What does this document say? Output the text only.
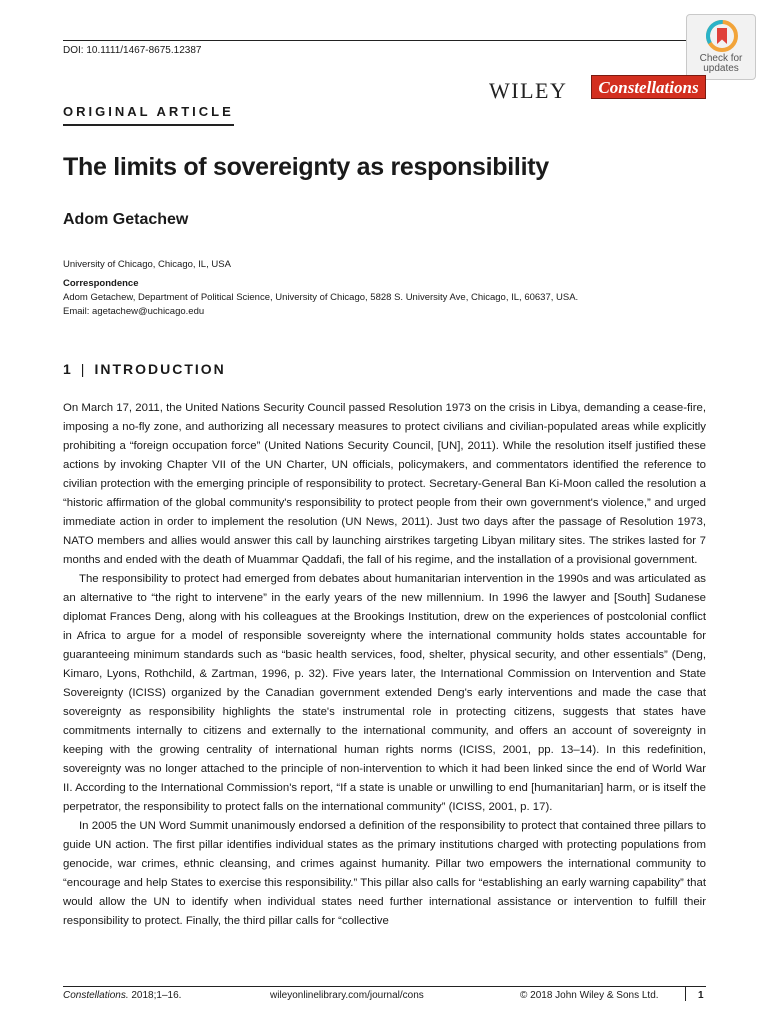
DOI: 10.1111/1467-8675.12387
Check for updates
WILEY	Constellations
ORIGINAL ARTICLE
The limits of sovereignty as responsibility
Adom Getachew
University of Chicago, Chicago, IL, USA
Correspondence
Adom Getachew, Department of Political Science, University of Chicago, 5828 S. University Ave, Chicago, IL, 60637, USA.
Email: agetachew@uchicago.edu
1 | INTRODUCTION

On March 17, 2011, the United Nations Security Council passed Resolution 1973 on the crisis in Libya, demanding a cease-fire, imposing a no-fly zone, and authorizing all necessary measures to protect civilians and civilian-populated areas while explicitly prohibiting a “foreign occupation force” (United Nations Security Council, [UN], 2011). While the resolution itself justified these actions by invoking Chapter VII of the UN Charter, UN officials, policymakers, and commentators identified the reference to civilian protection with the emerging principle of responsibility to protect. Secretary-General Ban Ki-Moon called the resolution a “historic affirmation of the global community's responsibility to protect people from their own government's violence,” and urged immediate action in order to implement the resolution (UN News, 2011). Just two days after the passage of Resolution 1973, NATO members and allies would answer this call by launching airstrikes targeting Libyan military sites. The strikes lasted for 7 months and ended with the death of Muammar Qaddafi, the fall of his regime, and the installation of a provisional government.

The responsibility to protect had emerged from debates about humanitarian intervention in the 1990s and was articulated as an alternative to “the right to intervene” in the early years of the new millennium. In 1996 the lawyer and [South] Sudanese diplomat Frances Deng, along with his colleagues at the Brookings Institution, drew on the experiences of postcolonial conflict in Africa to argue for a model of responsible sovereignty where the international community holds states accountable for guaranteeing minimum standards such as “basic health services, food, shelter, physical security, and other essentials” (Deng, Kimaro, Lyons, Rothchild, & Zartman, 1996, p. 32). Five years later, the International Commission on Intervention and State Sovereignty (ICISS) organized by the Canadian government extended Deng's early interventions and made the case that sovereignty as responsibility highlights the state's instrumental role in protecting citizens, suggests that states have commitments internally to citizens and externally to the international community, and offers an account of sovereignty in keeping with the growing centrality of international human rights norms (ICISS, 2001, pp. 13–14). In this redefinition, sovereignty was no longer attached to the principle of non-intervention to which it had been linked since the end of World War II. According to the International Commission's report, “If a state is unable or unwilling to end [humanitarian] harm, or is itself the perpetrator, the responsibility to protect falls on the international community” (ICISS, 2001, p. 17).

In 2005 the UN Word Summit unanimously endorsed a definition of the responsibility to protect that contained three pillars to guide UN action. The first pillar identifies individual states as the primary institutions charged with protecting populations from genocide, war crimes, ethnic cleansing, and crimes against humanity. Pillar two empowers the international community to “encourage and help States to exercise this responsibility.” This pillar also calls for “establishing an early warning capability” that would allow the UN to identify when individual states need further international assistance or intervention to fulfill their responsibility to protect. Finally, the third pillar calls for “collective

Constellations. 2018;1–16.	wileyonlinelibrary.com/journal/cons	© 2018 John Wiley & Sons Ltd.	1
